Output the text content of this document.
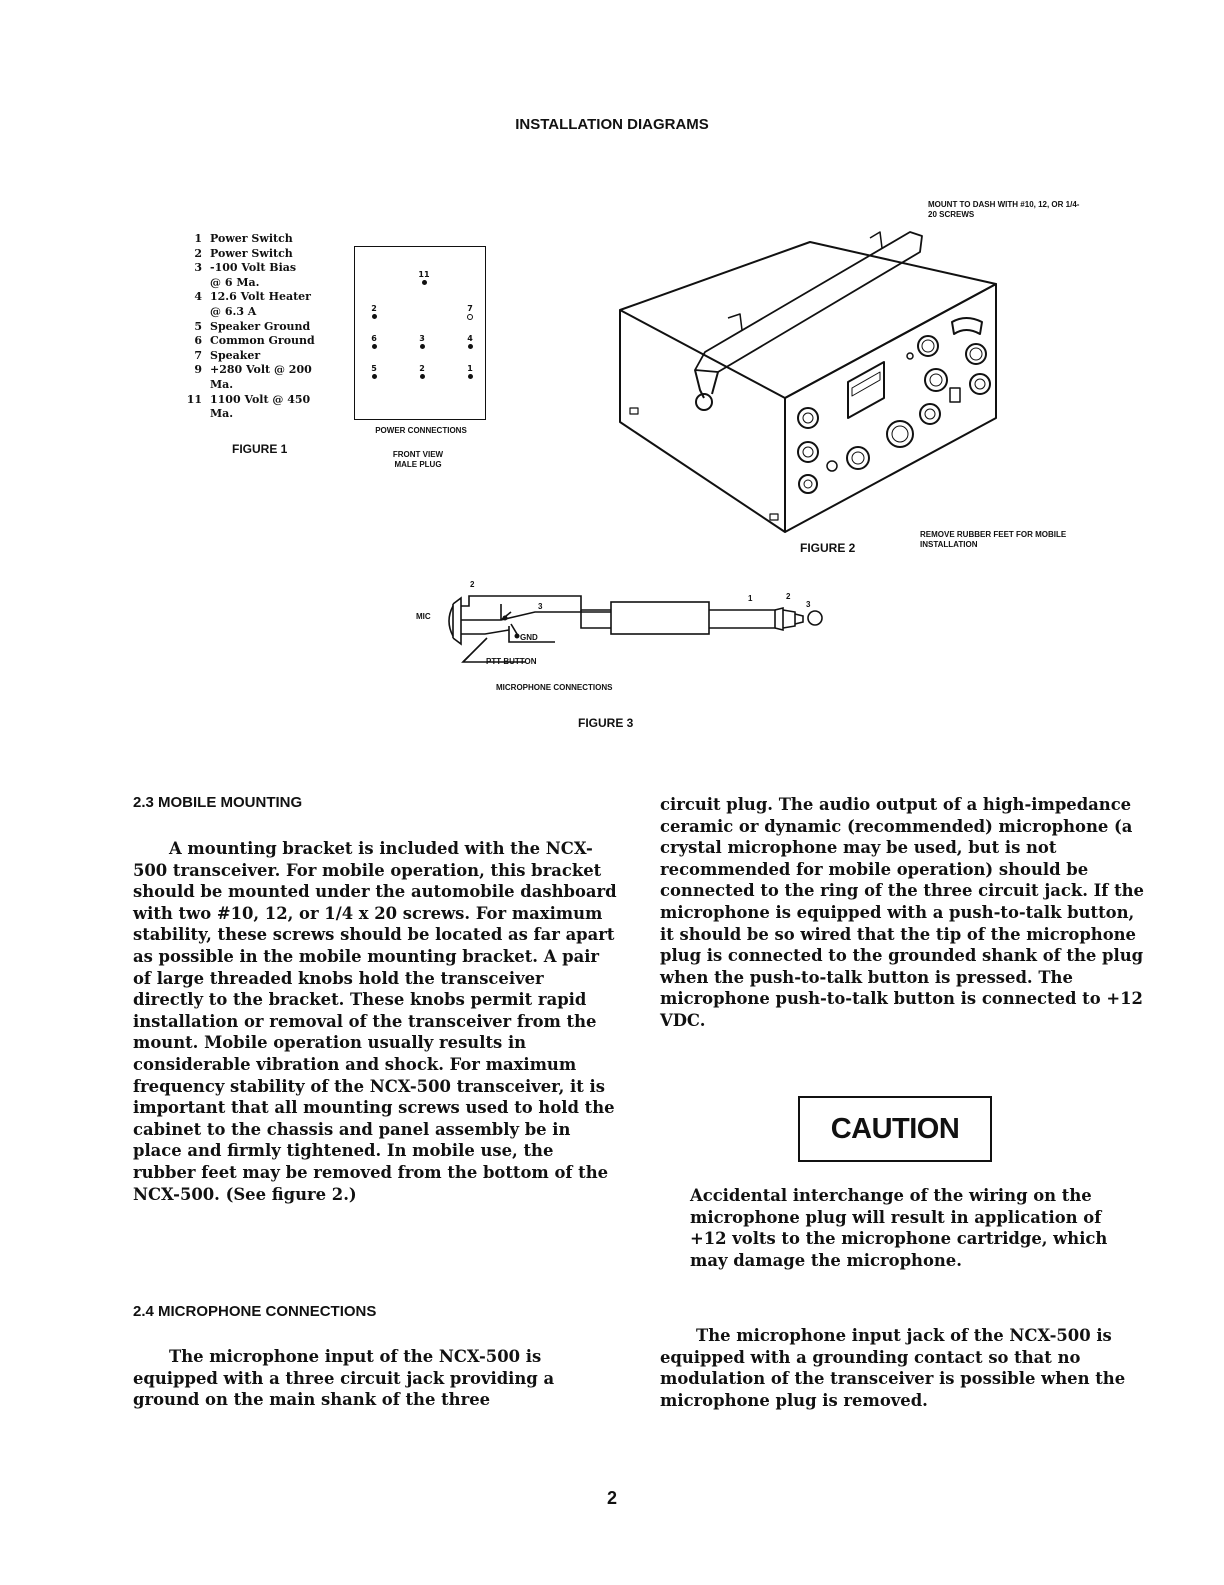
INSTALLATION DIAGRAMS
1 Power Switch
2 Power Switch
3 -100 Volt Bias @ 6 Ma.
4 12.6 Volt Heater @ 6.3 A
5 Speaker Ground
6 Common Ground
7 Speaker
9 +280 Volt @ 200 Ma.
11 1100 Volt @ 450 Ma.
FIGURE 1
11
2	7
6	3	4
5	2	1
POWER CONNECTIONS
FRONT VIEW MALE PLUG
MOUNT TO DASH WITH #10, 12, OR 1/4-20 SCREWS
REMOVE RUBBER FEET FOR MOBILE INSTALLATION
FIGURE 2
MIC
2
3
GND
1	2
3
PTT BUTTON
MICROPHONE CONNECTIONS
FIGURE 3
2.3 MOBILE MOUNTING

A mounting bracket is included with the NCX-500 transceiver. For mobile operation, this bracket should be mounted under the automobile dashboard with two #10, 12, or 1/4 x 20 screws. For maximum stability, these screws should be located as far apart as possible in the mobile mounting bracket. A pair of large threaded knobs hold the transceiver directly to the bracket. These knobs permit rapid installation or removal of the transceiver from the mount. Mobile operation usually results in considerable vibration and shock. For maximum frequency stability of the NCX-500 transceiver, it is important that all mounting screws used to hold the cabinet to the chassis and panel assembly be in place and firmly tightened. In mobile use, the rubber feet may be removed from the bottom of the NCX-500. (See figure 2.)

2.4 MICROPHONE CONNECTIONS

The microphone input of the NCX-500 is equipped with a three circuit jack providing a ground on the main shank of the three

circuit plug. The audio output of a high-impedance ceramic or dynamic (recommended) microphone (a crystal microphone may be used, but is not recommended for mobile operation) should be connected to the ring of the three circuit jack. If the microphone is equipped with a push-to-talk button, it should be so wired that the tip of the microphone plug is connected to the grounded shank of the plug when the push-to-talk button is pressed. The microphone push-to-talk button is connected to +12 VDC.

CAUTION

Accidental interchange of the wiring on the microphone plug will result in application of +12 volts to the microphone cartridge, which may damage the microphone.

The microphone input jack of the NCX-500 is equipped with a grounding contact so that no modulation of the transceiver is possible when the microphone plug is removed.

2
